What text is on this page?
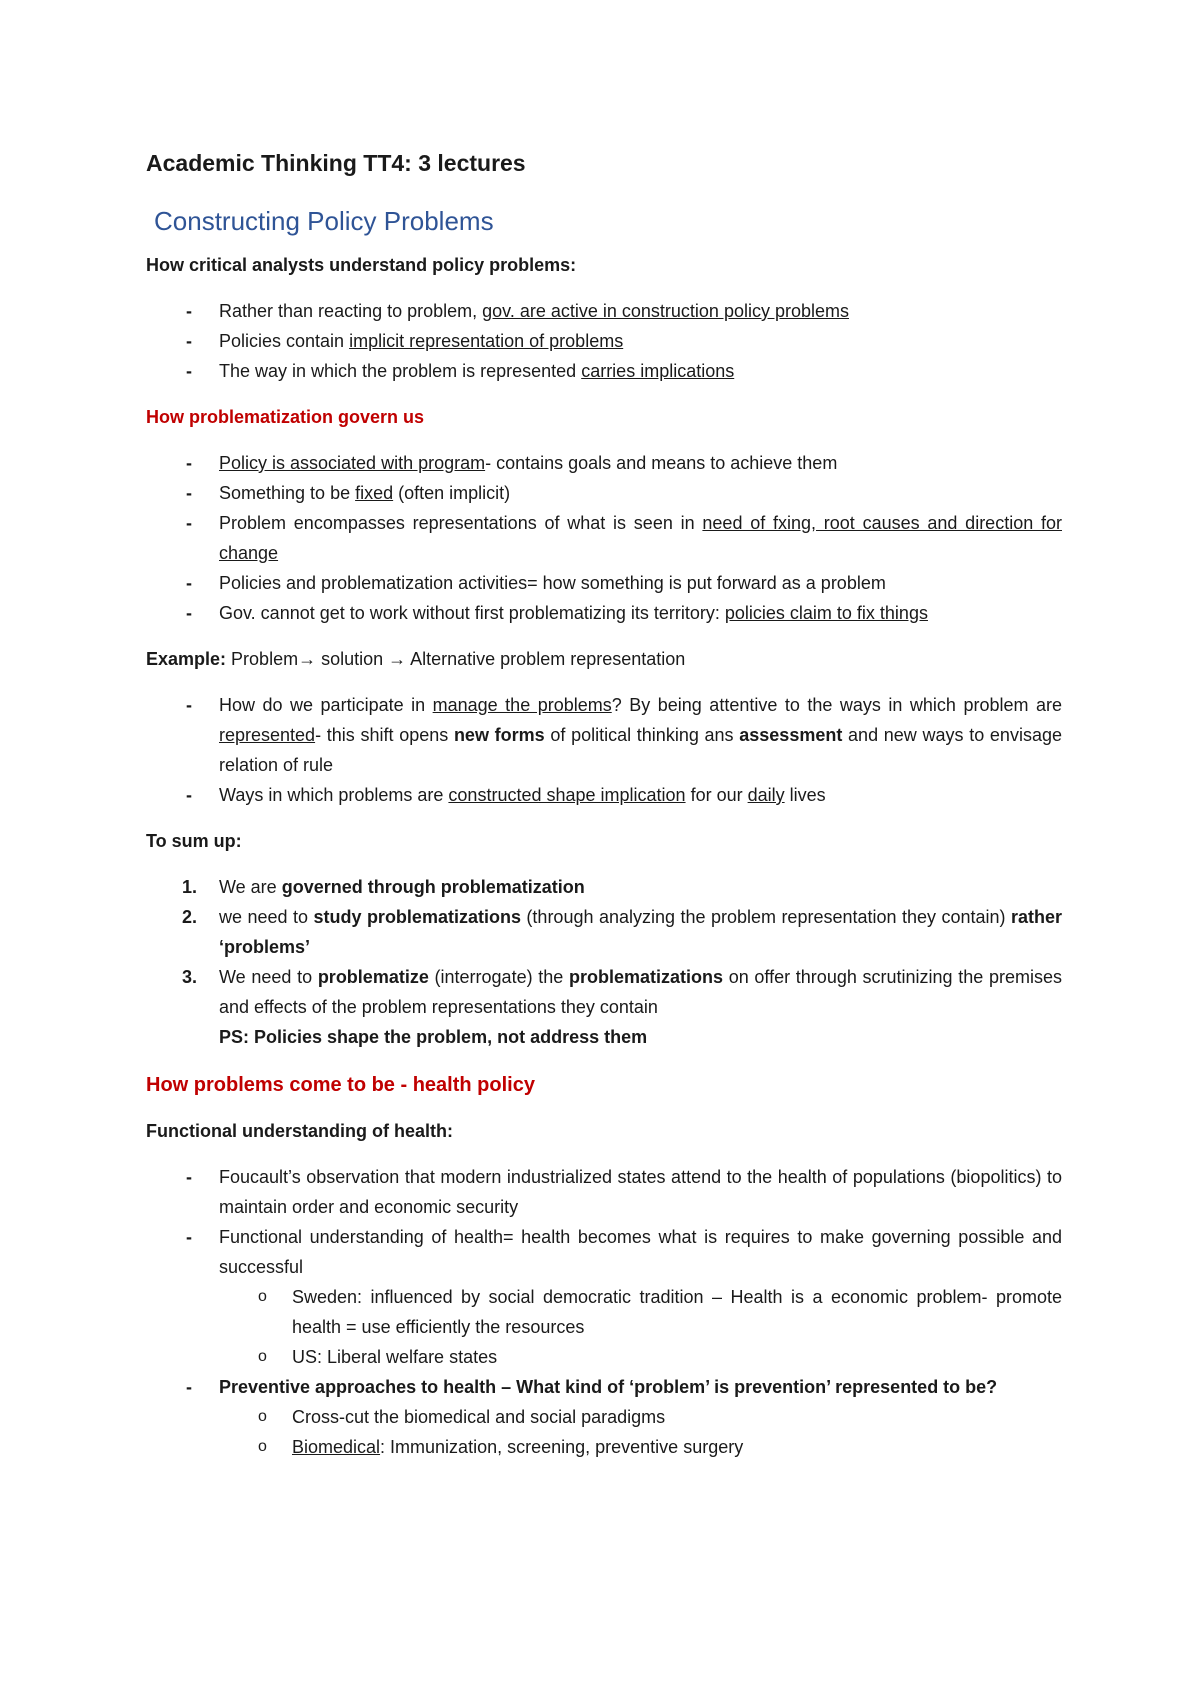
Academic Thinking TT4: 3 lectures
Constructing Policy Problems
How critical analysts understand policy problems:
- Rather than reacting to problem, gov. are active in construction policy problems
- Policies contain implicit representation of problems
- The way in which the problem is represented carries implications
How problematization govern us
- Policy is associated with program- contains goals and means to achieve them
- Something to be fixed (often implicit)
- Problem encompasses representations of what is seen in need of fxing, root causes and direction for change
- Policies and problematization activities= how something is put forward as a problem
- Gov. cannot get to work without first problematizing its territory: policies claim to fix things
Example: Problem→ solution → Alternative problem representation
- How do we participate in manage the problems? By being attentive to the ways in which problem are represented- this shift opens new forms of political thinking ans assessment and new ways to envisage relation of rule
- Ways in which problems are constructed shape implication for our daily lives
To sum up:
1. We are governed through problematization
2. we need to study problematizations (through analyzing the problem representation they contain) rather ‘problems’
3. We need to problematize (interrogate) the problematizations on offer through scrutinizing the premises and effects of the problem representations they contain
PS: Policies shape the problem, not address them
How problems come to be - health policy
Functional understanding of health:
- Foucault’s observation that modern industrialized states attend to the health of populations (biopolitics) to maintain order and economic security
- Functional understanding of health= health becomes what is requires to make governing possible and successful
o Sweden: influenced by social democratic tradition – Health is a economic problem- promote health = use efficiently the resources
o US: Liberal welfare states
- Preventive approaches to health – What kind of ‘problem’ is prevention’ represented to be?
o Cross-cut the biomedical and social paradigms
o Biomedical: Immunization, screening, preventive surgery
